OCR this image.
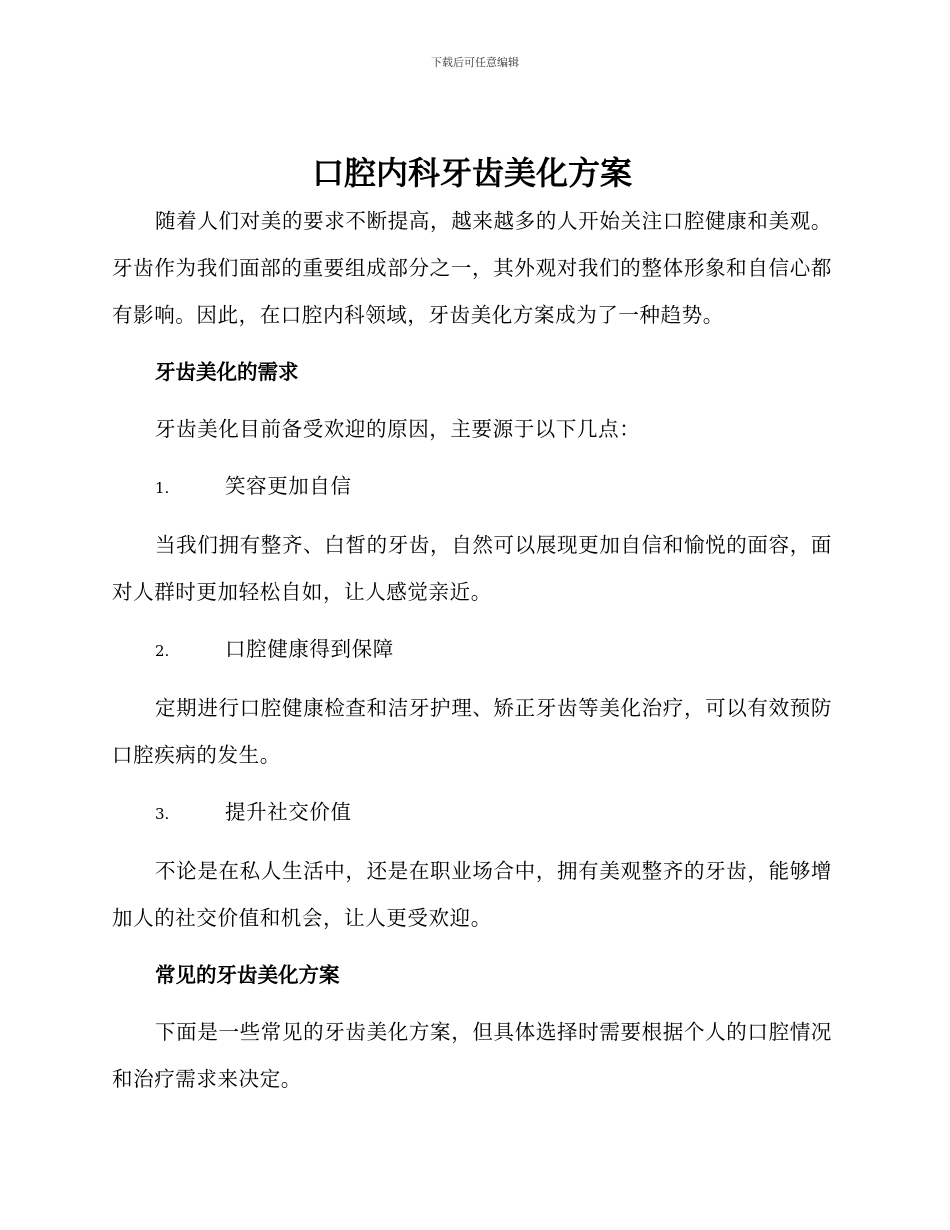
下载后可任意编辑
口腔内科牙齿美化方案

随着人们对美的要求不断提高，越来越多的人开始关注口腔健康和美观。牙齿作为我们面部的重要组成部分之一，其外观对我们的整体形象和自信心都有影响。因此，在口腔内科领域，牙齿美化方案成为了一种趋势。

牙齿美化的需求

牙齿美化目前备受欢迎的原因，主要源于以下几点：

1.	笑容更加自信

当我们拥有整齐、白皙的牙齿，自然可以展现更加自信和愉悦的面容，面对人群时更加轻松自如，让人感觉亲近。

2.	口腔健康得到保障

定期进行口腔健康检查和洁牙护理、矫正牙齿等美化治疗，可以有效预防口腔疾病的发生。

3.	提升社交价值

不论是在私人生活中，还是在职业场合中，拥有美观整齐的牙齿，能够增加人的社交价值和机会，让人更受欢迎。

常见的牙齿美化方案

下面是一些常见的牙齿美化方案，但具体选择时需要根据个人的口腔情况和治疗需求来决定。
